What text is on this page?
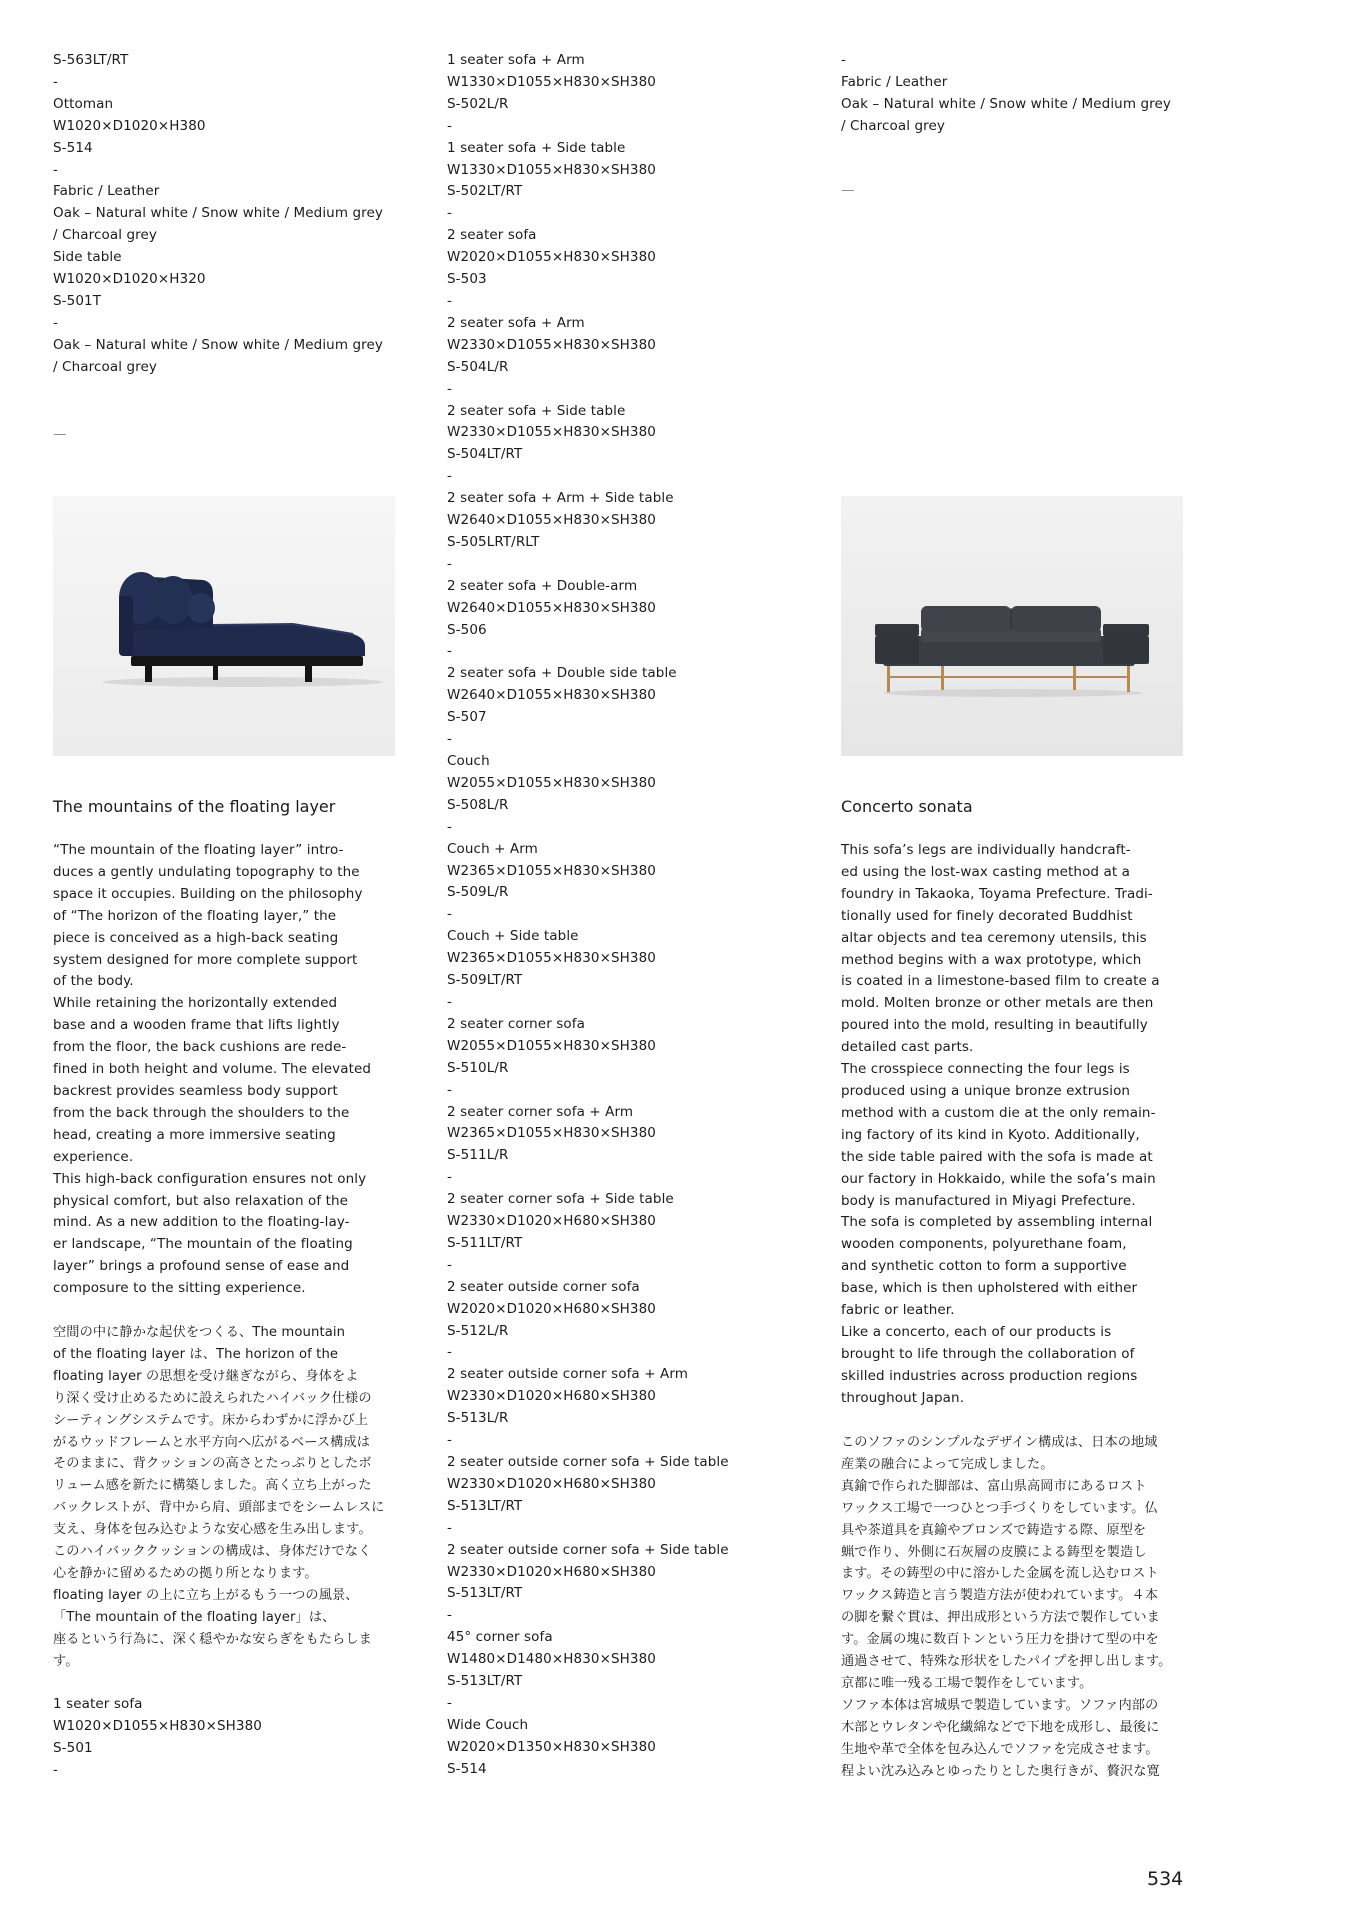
S-563LT/RT
-
Ottoman
W1020×D1020×H380
S-514
-
Fabric / Leather
Oak – Natural white / Snow white / Medium grey
/ Charcoal grey
Side table
W1020×D1020×H320
S-501T
-
Oak – Natural white / Snow white / Medium grey
/ Charcoal grey
—
The mountains of the floating layer
“The mountain of the floating layer” intro-
duces a gently undulating topography to the
space it occupies. Building on the philosophy
of “The horizon of the floating layer,” the
piece is conceived as a high-back seating
system designed for more complete support
of the body.
While retaining the horizontally extended
base and a wooden frame that lifts lightly
from the floor, the back cushions are rede-
fined in both height and volume. The elevated
backrest provides seamless body support
from the back through the shoulders to the
head, creating a more immersive seating
experience.
This high-back configuration ensures not only
physical comfort, but also relaxation of the
mind. As a new addition to the floating-lay-
er landscape, “The mountain of the floating
layer” brings a profound sense of ease and
composure to the sitting experience.
空間の中に静かな起伏をつくる、The mountain
of the floating layer は、The horizon of the
floating layer の思想を受け継ぎながら、身体をよ
り深く受け止めるために設えられたハイバック仕様の
シーティングシステムです。床からわずかに浮かび上
がるウッドフレームと水平方向へ広がるベース構成は
そのままに、背クッションの高さとたっぷりとしたボ
リューム感を新たに構築しました。高く立ち上がった
バックレストが、背中から肩、頭部までをシームレスに
支え、身体を包み込むような安心感を生み出します。
このハイバッククッションの構成は、身体だけでなく
心を静かに留めるための拠り所となります。
floating layer の上に立ち上がるもう一つの風景、
「The mountain of the floating layer」は、
座るという行為に、深く穏やかな安らぎをもたらしま
す。
1 seater sofa
W1020×D1055×H830×SH380
S-501
-
1 seater sofa + Arm
W1330×D1055×H830×SH380
S-502L/R
-
1 seater sofa + Side table
W1330×D1055×H830×SH380
S-502LT/RT
-
2 seater sofa
W2020×D1055×H830×SH380
S-503
-
2 seater sofa + Arm
W2330×D1055×H830×SH380
S-504L/R
-
2 seater sofa + Side table
W2330×D1055×H830×SH380
S-504LT/RT
-
2 seater sofa + Arm + Side table
W2640×D1055×H830×SH380
S-505LRT/RLT
-
2 seater sofa + Double-arm
W2640×D1055×H830×SH380
S-506
-
2 seater sofa + Double side table
W2640×D1055×H830×SH380
S-507
-
Couch
W2055×D1055×H830×SH380
S-508L/R
-
Couch + Arm
W2365×D1055×H830×SH380
S-509L/R
-
Couch + Side table
W2365×D1055×H830×SH380
S-509LT/RT
-
2 seater corner sofa
W2055×D1055×H830×SH380
S-510L/R
-
2 seater corner sofa + Arm
W2365×D1055×H830×SH380
S-511L/R
-
2 seater corner sofa + Side table
W2330×D1020×H680×SH380
S-511LT/RT
-
2 seater outside corner sofa
W2020×D1020×H680×SH380
S-512L/R
-
2 seater outside corner sofa + Arm
W2330×D1020×H680×SH380
S-513L/R
-
2 seater outside corner sofa + Side table
W2330×D1020×H680×SH380
S-513LT/RT
-
2 seater outside corner sofa + Side table
W2330×D1020×H680×SH380
S-513LT/RT
-
45° corner sofa
W1480×D1480×H830×SH380
S-513LT/RT
-
Wide Couch
W2020×D1350×H830×SH380
S-514
-
Fabric / Leather
Oak – Natural white / Snow white / Medium grey
/ Charcoal grey
—
Concerto sonata
This sofa’s legs are individually handcraft-
ed using the lost-wax casting method at a
foundry in Takaoka, Toyama Prefecture. Tradi-
tionally used for finely decorated Buddhist
altar objects and tea ceremony utensils, this
method begins with a wax prototype, which
is coated in a limestone-based film to create a
mold. Molten bronze or other metals are then
poured into the mold, resulting in beautifully
detailed cast parts.
The crosspiece connecting the four legs is
produced using a unique bronze extrusion
method with a custom die at the only remain-
ing factory of its kind in Kyoto. Additionally,
the side table paired with the sofa is made at
our factory in Hokkaido, while the sofa’s main
body is manufactured in Miyagi Prefecture.
The sofa is completed by assembling internal
wooden components, polyurethane foam,
and synthetic cotton to form a supportive
base, which is then upholstered with either
fabric or leather.
Like a concerto, each of our products is
brought to life through the collaboration of
skilled industries across production regions
throughout Japan.
このソファのシンプルなデザイン構成は、日本の地域
産業の融合によって完成しました。
真鍮で作られた脚部は、富山県高岡市にあるロスト
ワックス工場で一つひとつ手づくりをしています。仏
具や茶道具を真鍮やブロンズで鋳造する際、原型を
蝋で作り、外側に石灰層の皮膜による鋳型を製造し
ます。その鋳型の中に溶かした金属を流し込むロスト
ワックス鋳造と言う製造方法が使われています。４本
の脚を繋ぐ貫は、押出成形という方法で製作していま
す。金属の塊に数百トンという圧力を掛けて型の中を
通過させて、特殊な形状をしたパイプを押し出します。
京都に唯一残る工場で製作をしています。
ソファ本体は宮城県で製造しています。ソファ内部の
木部とウレタンや化繊綿などで下地を成形し、最後に
生地や革で全体を包み込んでソファを完成させます。
程よい沈み込みとゆったりとした奥行きが、贅沢な寛
534
